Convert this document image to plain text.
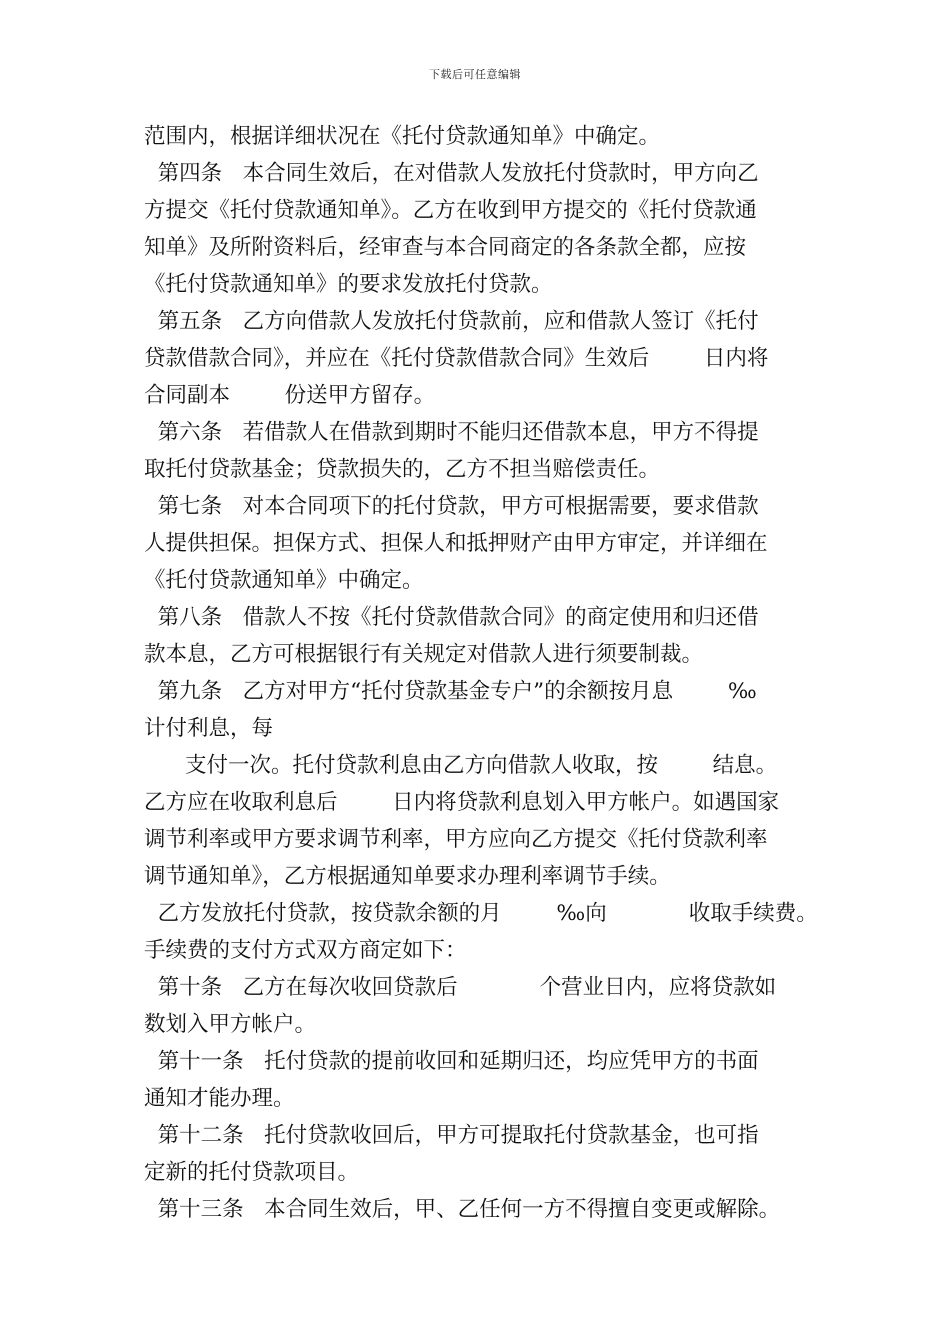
下载后可任意编辑
范围内，根据详细状况在《托付贷款通知单》中确定。
第四条   本合同生效后，在对借款人发放托付贷款时，甲方向乙
方提交《托付贷款通知单》。乙方在收到甲方提交的《托付贷款通
知单》及所附资料后，经审查与本合同商定的各条款全都，应按
《托付贷款通知单》的要求发放托付贷款。
第五条   乙方向借款人发放托付贷款前，应和借款人签订《托付
贷款借款合同》，并应在《托付贷款借款合同》生效后        日内将
合同副本        份送甲方留存。
第六条   若借款人在借款到期时不能归还借款本息，甲方不得提
取托付贷款基金；贷款损失的，乙方不担当赔偿责任。
第七条   对本合同项下的托付贷款，甲方可根据需要，要求借款
人提供担保。担保方式、担保人和抵押财产由甲方审定，并详细在
《托付贷款通知单》中确定。
第八条   借款人不按《托付贷款借款合同》的商定使用和归还借
款本息，乙方可根据银行有关规定对借款人进行须要制裁。
第九条   乙方对甲方“托付贷款基金专户”的余额按月息        ‰
计付利息，每
支付一次。托付贷款利息由乙方向借款人收取，按        结息。
乙方应在收取利息后        日内将贷款利息划入甲方帐户。如遇国家
调节利率或甲方要求调节利率，甲方应向乙方提交《托付贷款利率
调节通知单》，乙方根据通知单要求办理利率调节手续。
乙方发放托付贷款，按贷款余额的月        ‰向            收取手续费。
手续费的支付方式双方商定如下：
第十条   乙方在每次收回贷款后            个营业日内，应将贷款如
数划入甲方帐户。
第十一条   托付贷款的提前收回和延期归还，均应凭甲方的书面
通知才能办理。
第十二条   托付贷款收回后，甲方可提取托付贷款基金，也可指
定新的托付贷款项目。
第十三条   本合同生效后，甲、乙任何一方不得擅自变更或解除。
